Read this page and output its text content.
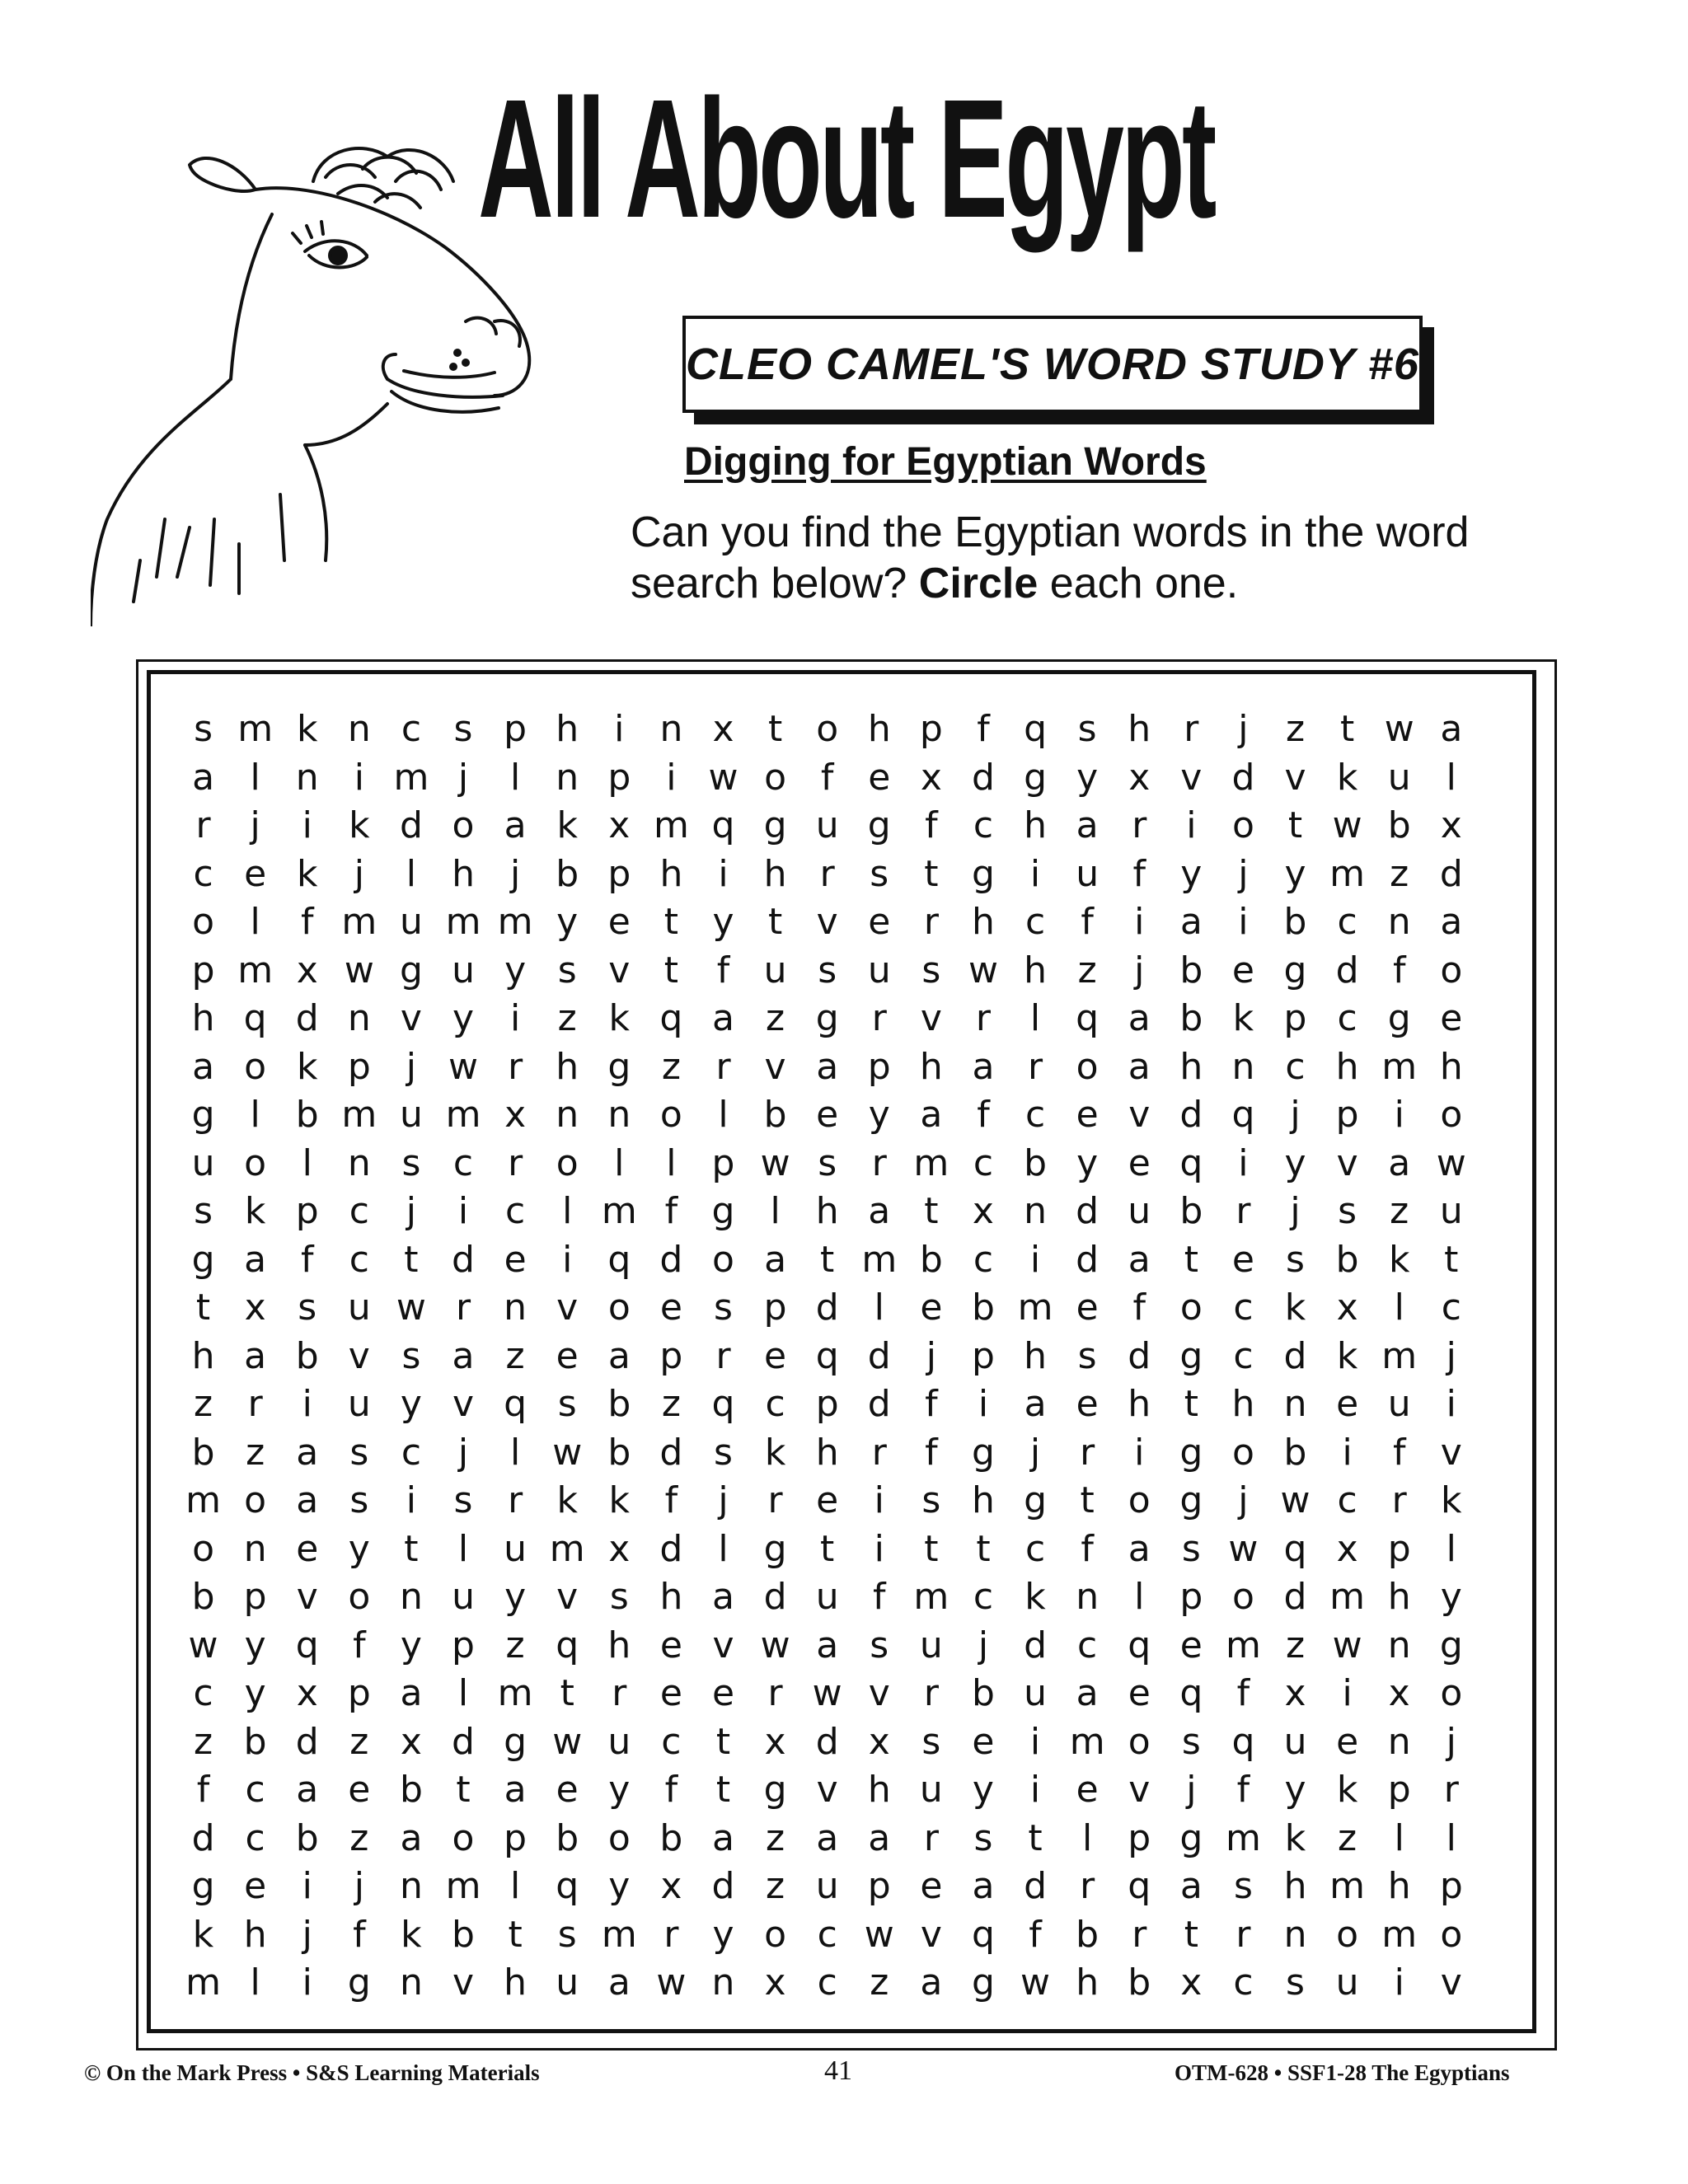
All About Egypt
CLEO CAMEL'S WORD STUDY #6
Digging for Egyptian Words
Can you find the Egyptian words in the word
search below? Circle each one.
s m k n c s p h i n x t o h p f q s h r	j	z t w a
a l n i m j	l n p i w o f e x d g y x v d v k u l
r	j	i	k d o a k x m q g u g f c h a r	i o t w b x
c e k	j	l h j b p h i h r s t g i u f y j y m z d
o l	f m u m m y e t y t v e r h c f	i a i b c n a
p m x w g u y s v t	f u s u s w h z	j b e g d f o
h q d n v y i	z k q a z g r v r	l q a b k p c g e
a o k p j w r h g z r v a p h a r o a h n c h m h
g l b m u m x n n o l b e y a f c e v d q j p i o
u o l n s c r o l	l p w s r m c b y e q i y v a w
s k p c	j	i	c	l m f g l h a t x n d u b r	j	s z u
g a f c t d e i q d o a t m b c	i d a t e s b k t
t x s u w r n v o e s p d l e b m e f o c k x l	c
h a b v s a z e a p r e q d j p h s d g c d k m j
z r	i u y v q s b z q c p d f	i a e h t h n e u i
b z a s c	j	l w b d s k h r	f g j	r	i g o b i	f v
m o a s	i	s r k k f	j	r e i	s h g t o g j w c r k
o n e y t	l u m x d l g t	i	t	t c f a s w q x p l
b p v o n u y v s h a d u f m c k n l p o d m h y
w y q f y p z q h e v w a s u j d c q e m z w n g
c y x p a l m t	r e e r w v r b u a e q f x i x o
z b d z x d g w u c t x d x s e i m o s q u e n j
f c a e b t a e y f	t g v h u y i e v j	f y k p r
d c b z a o p b o b a z a a r s t	l p g m k z	l	l
g e i	j n m l q y x d z u p e a d r q a s h m h p
k h j	f k b t s m r y o c w v q f b r	t	r n o m o
m l	i g n v h u a w n x c z a g w h b x c s u i v
© On the Mark Press • S&S Learning Materials	41	OTM-628 • SSF1-28 The Egyptians
